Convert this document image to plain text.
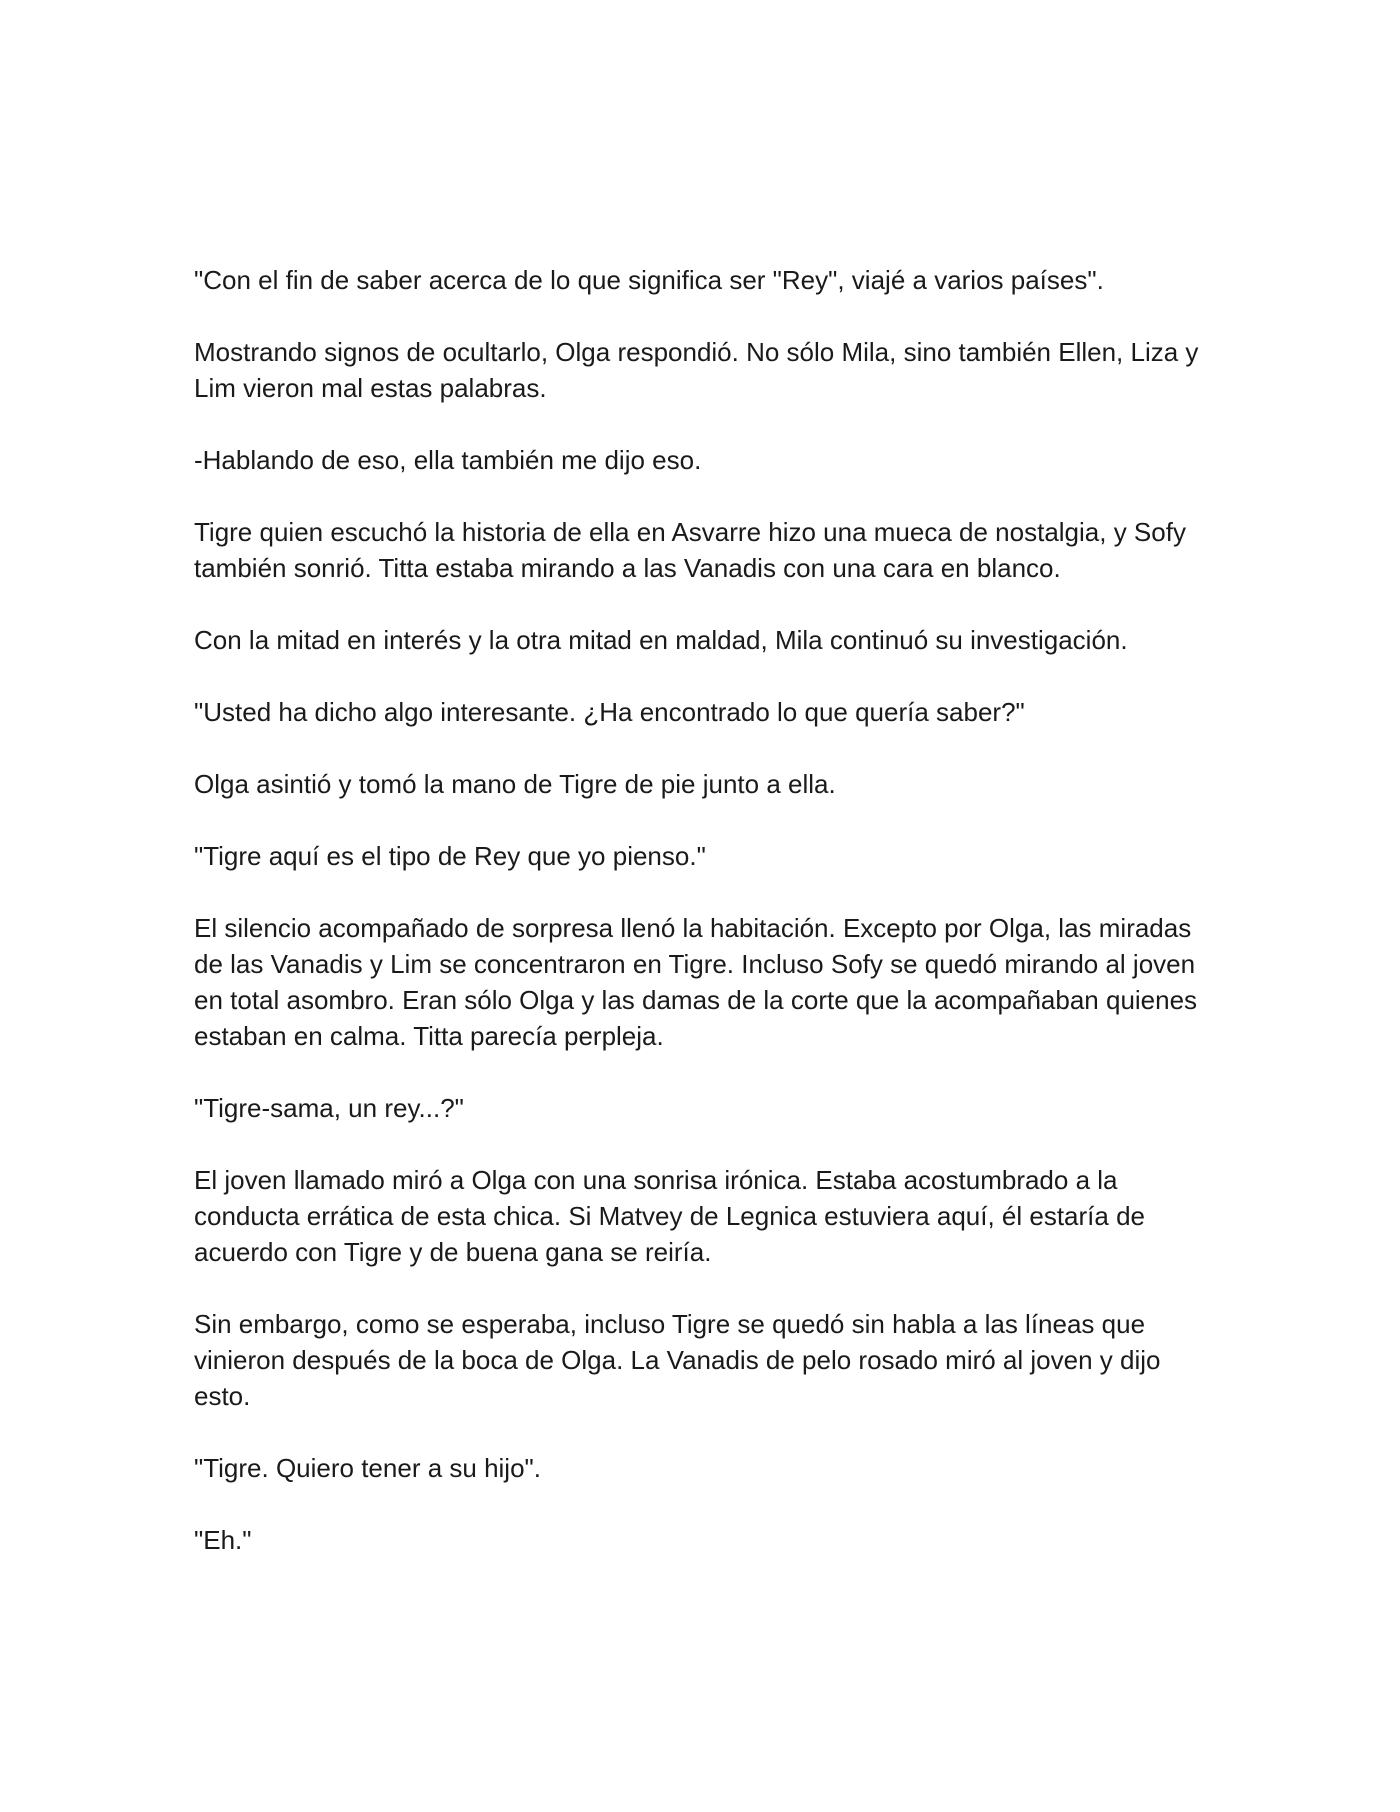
"Con el fin de saber acerca de lo que significa ser "Rey", viajé a varios países".

Mostrando signos de ocultarlo, Olga respondió. No sólo Mila, sino también Ellen, Liza y Lim vieron mal estas palabras.

-Hablando de eso, ella también me dijo eso.

Tigre quien escuchó la historia de ella en Asvarre hizo una mueca de nostalgia, y Sofy también sonrió. Titta estaba mirando a las Vanadis con una cara en blanco.

Con la mitad en interés y la otra mitad en maldad, Mila continuó su investigación.

"Usted ha dicho algo interesante. ¿Ha encontrado lo que quería saber?"

Olga asintió y tomó la mano de Tigre de pie junto a ella.

"Tigre aquí es el tipo de Rey que yo pienso."

El silencio acompañado de sorpresa llenó la habitación. Excepto por Olga, las miradas de las Vanadis y Lim se concentraron en Tigre. Incluso Sofy se quedó mirando al joven en total asombro. Eran sólo Olga y las damas de la corte que la acompañaban quienes estaban en calma. Titta parecía perpleja.

"Tigre-sama, un rey...?"

El joven llamado miró a Olga con una sonrisa irónica. Estaba acostumbrado a la conducta errática de esta chica. Si Matvey de Legnica estuviera aquí, él estaría de acuerdo con Tigre y de buena gana se reiría.

Sin embargo, como se esperaba, incluso Tigre se quedó sin habla a las líneas que vinieron después de la boca de Olga. La Vanadis de pelo rosado miró al joven y dijo esto.

"Tigre. Quiero tener a su hijo".

"Eh."
